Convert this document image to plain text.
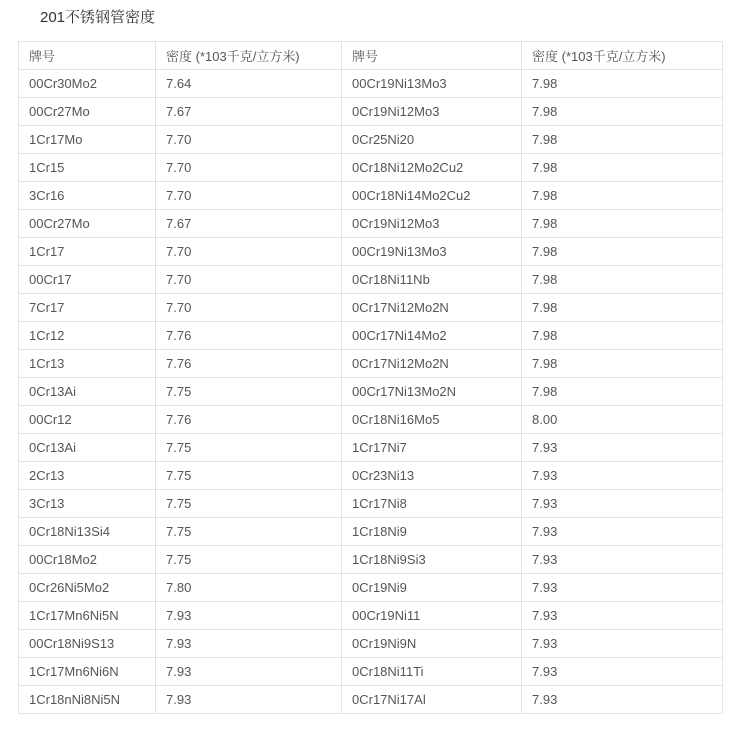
201不锈钢管密度
牌号	密度 (*103千克/立方米)	牌号	密度 (*103千克/立方米)
00Cr30Mo2	7.64	00Cr19Ni13Mo3	7.98
00Cr27Mo	7.67	0Cr19Ni12Mo3	7.98
1Cr17Mo	7.70	0Cr25Ni20	7.98
1Cr15	7.70	0Cr18Ni12Mo2Cu2	7.98
3Cr16	7.70	00Cr18Ni14Mo2Cu2	7.98
00Cr27Mo	7.67	0Cr19Ni12Mo3	7.98
1Cr17	7.70	00Cr19Ni13Mo3	7.98
00Cr17	7.70	0Cr18Ni11Nb	7.98
7Cr17	7.70	0Cr17Ni12Mo2N	7.98
1Cr12	7.76	00Cr17Ni14Mo2	7.98
1Cr13	7.76	0Cr17Ni12Mo2N	7.98
0Cr13Ai	7.75	00Cr17Ni13Mo2N	7.98
00Cr12	7.76	0Cr18Ni16Mo5	8.00
0Cr13Ai	7.75	1Cr17Ni7	7.93
2Cr13	7.75	0Cr23Ni13	7.93
3Cr13	7.75	1Cr17Ni8	7.93
0Cr18Ni13Si4	7.75	1Cr18Ni9	7.93
00Cr18Mo2	7.75	1Cr18Ni9Si3	7.93
0Cr26Ni5Mo2	7.80	0Cr19Ni9	7.93
1Cr17Mn6Ni5N	7.93	00Cr19Ni11	7.93
00Cr18Ni9S13	7.93	0Cr19Ni9N	7.93
1Cr17Mn6Ni6N	7.93	0Cr18Ni11Ti	7.93
1Cr18nNi8Ni5N	7.93	0Cr17Ni17Al	7.93
